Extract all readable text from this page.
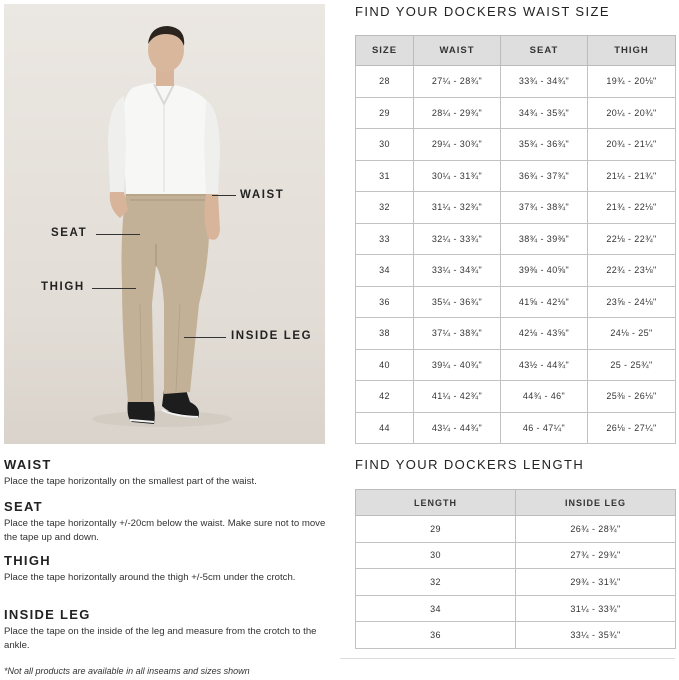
WAIST
SEAT
THIGH
INSIDE LEG
FIND YOUR DOCKERS WAIST SIZE
SIZE	WAIST	SEAT	THIGH
28	27¼ - 28¾"	33¾ - 34¾"	19¾ - 20⅛"
29	28¼ - 29¾"	34¾ - 35¾"	20¼ - 20¾"
30	29¼ - 30¾"	35¾ - 36¾"	20¾ - 21¼"
31	30¼ - 31¾"	36¾ - 37¾"	21¼ - 21¾"
32	31¼ - 32¾"	37¾ - 38¾"	21¾ - 22⅛"
33	32¼ - 33¾"	38¾ - 39⅜"	22⅛ - 22¾"
34	33¼ - 34¾"	39⅜ - 40⅝"	22¾ - 23⅛"
36	35¼ - 36¾"	41⅝ - 42⅛"	23⅝ - 24⅛"
38	37¼ - 38¾"	42⅛ - 43⅝"	24⅛ - 25"
40	39¼ - 40¾"	43½ - 44¾"	25 - 25¾"
42	41¼ - 42¾"	44¾ - 46"	25⅜ - 26⅛"
44	43¼ - 44¾"	46 - 47¼"	26⅛ - 27¼"
FIND YOUR DOCKERS LENGTH
LENGTH	INSIDE LEG
29	26¾ - 28¾"
30	27¾ - 29¾"
32	29¾ - 31¾"
34	31¼ - 33¾"
36	33¼ - 35¾"
WAIST

Place the tape horizontally on the smallest part of the waist.

SEAT

Place the tape horizontally +/-20cm below the waist. Make sure not to move the tape up and down.

THIGH

Place the tape horizontally around the thigh +/-5cm under the crotch.

INSIDE LEG

Place the tape on the inside of the leg and measure from the crotch to the ankle.

*Not all products are available in all inseams and sizes shown
